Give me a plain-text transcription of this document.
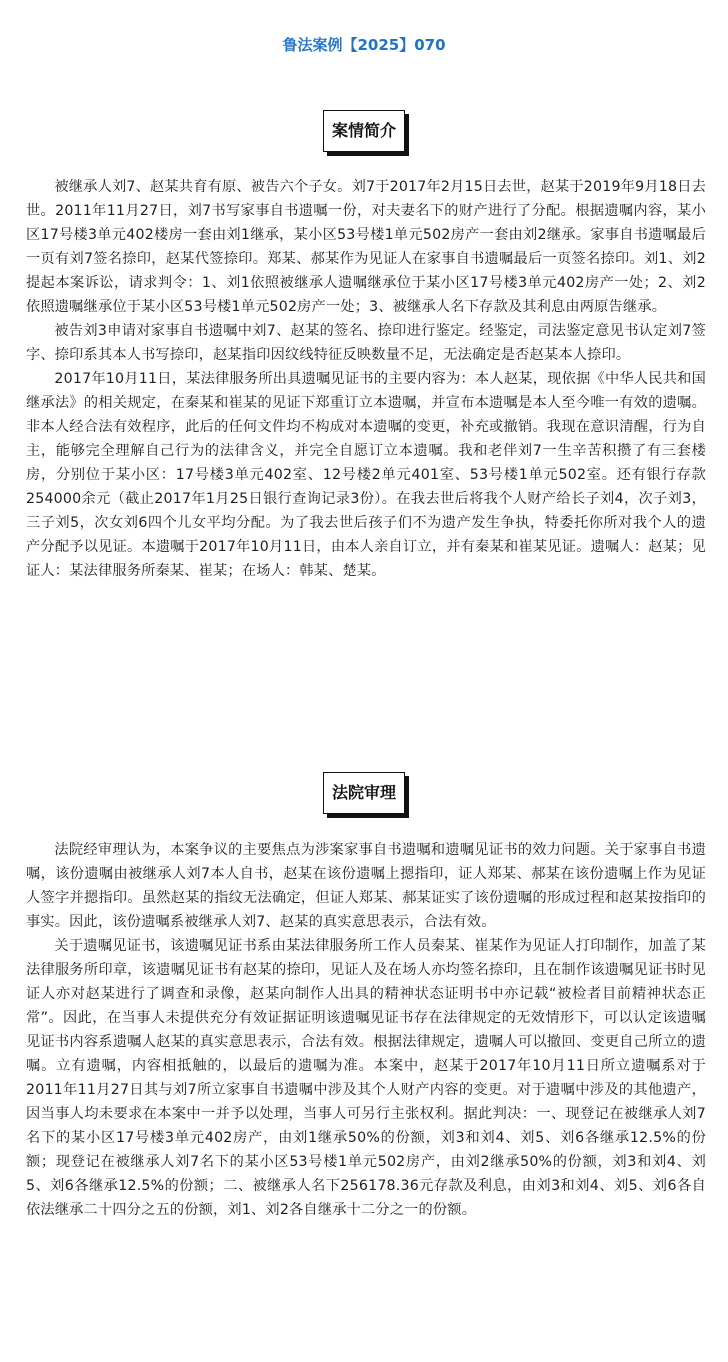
鲁法案例【2025】070
案情简介

被继承人刘7、赵某共育有原、被告六个子女。刘7于2017年2月15日去世，赵某于2019年9月18日去世。2011年11月27日，刘7书写家事自书遗嘱一份，对夫妻名下的财产进行了分配。根据遗嘱内容，某小区17号楼3单元402楼房一套由刘1继承，某小区53号楼1单元502房产一套由刘2继承。家事自书遗嘱最后一页有刘7签名捺印，赵某代签捺印。郑某、郝某作为见证人在家事自书遗嘱最后一页签名捺印。刘1、刘2提起本案诉讼，请求判令：1、刘1依照被继承人遗嘱继承位于某小区17号楼3单元402房产一处；2、刘2依照遗嘱继承位于某小区53号楼1单元502房产一处；3、被继承人名下存款及其利息由两原告继承。

被告刘3申请对家事自书遗嘱中刘7、赵某的签名、捺印进行鉴定。经鉴定，司法鉴定意见书认定刘7签字、捺印系其本人书写捺印，赵某指印因纹线特征反映数量不足，无法确定是否赵某本人捺印。

2017年10月11日，某法律服务所出具遗嘱见证书的主要内容为：本人赵某，现依据《中华人民共和国继承法》的相关规定，在秦某和崔某的见证下郑重订立本遗嘱，并宣布本遗嘱是本人至今唯一有效的遗嘱。非本人经合法有效程序，此后的任何文件均不构成对本遗嘱的变更，补充或撤销。我现在意识清醒，行为自主，能够完全理解自己行为的法律含义，并完全自愿订立本遗嘱。我和老伴刘7一生辛苦积攒了有三套楼房，分别位于某小区：17号楼3单元402室、12号楼2单元401室、53号楼1单元502室。还有银行存款254000余元（截止2017年1月25日银行查询记录3份）。在我去世后将我个人财产给长子刘4，次子刘3，三子刘5，次女刘6四个儿女平均分配。为了我去世后孩子们不为遗产发生争执，特委托你所对我个人的遗产分配予以见证。本遗嘱于2017年10月11日，由本人亲自订立，并有秦某和崔某见证。遗嘱人：赵某；见证人：某法律服务所秦某、崔某；在场人：韩某、楚某。

法院审理

法院经审理认为，本案争议的主要焦点为涉案家事自书遗嘱和遗嘱见证书的效力问题。关于家事自书遗嘱，该份遗嘱由被继承人刘7本人自书，赵某在该份遗嘱上摁指印，证人郑某、郝某在该份遗嘱上作为见证人签字并摁指印。虽然赵某的指纹无法确定，但证人郑某、郝某证实了该份遗嘱的形成过程和赵某按指印的事实。因此，该份遗嘱系被继承人刘7、赵某的真实意思表示，合法有效。

关于遗嘱见证书，该遗嘱见证书系由某法律服务所工作人员秦某、崔某作为见证人打印制作，加盖了某法律服务所印章，该遗嘱见证书有赵某的捺印，见证人及在场人亦均签名捺印，且在制作该遗嘱见证书时见证人亦对赵某进行了调查和录像，赵某向制作人出具的精神状态证明书中亦记载“被检者目前精神状态正常”。因此，在当事人未提供充分有效证据证明该遗嘱见证书存在法律规定的无效情形下，可以认定该遗嘱见证书内容系遗嘱人赵某的真实意思表示，合法有效。根据法律规定，遗嘱人可以撤回、变更自己所立的遗嘱。立有遗嘱，内容相抵触的，以最后的遗嘱为准。本案中，赵某于2017年10月11日所立遗嘱系对于2011年11月27日其与刘7所立家事自书遗嘱中涉及其个人财产内容的变更。对于遗嘱中涉及的其他遗产，因当事人均未要求在本案中一并予以处理，当事人可另行主张权利。据此判决：一、现登记在被继承人刘7名下的某小区17号楼3单元402房产，由刘1继承50%的份额，刘3和刘4、刘5、刘6各继承12.5%的份额；现登记在被继承人刘7名下的某小区53号楼1单元502房产，由刘2继承50%的份额，刘3和刘4、刘5、刘6各继承12.5%的份额；二、被继承人名下256178.36元存款及利息，由刘3和刘4、刘5、刘6各自依法继承二十四分之五的份额，刘1、刘2各自继承十二分之一的份额。
